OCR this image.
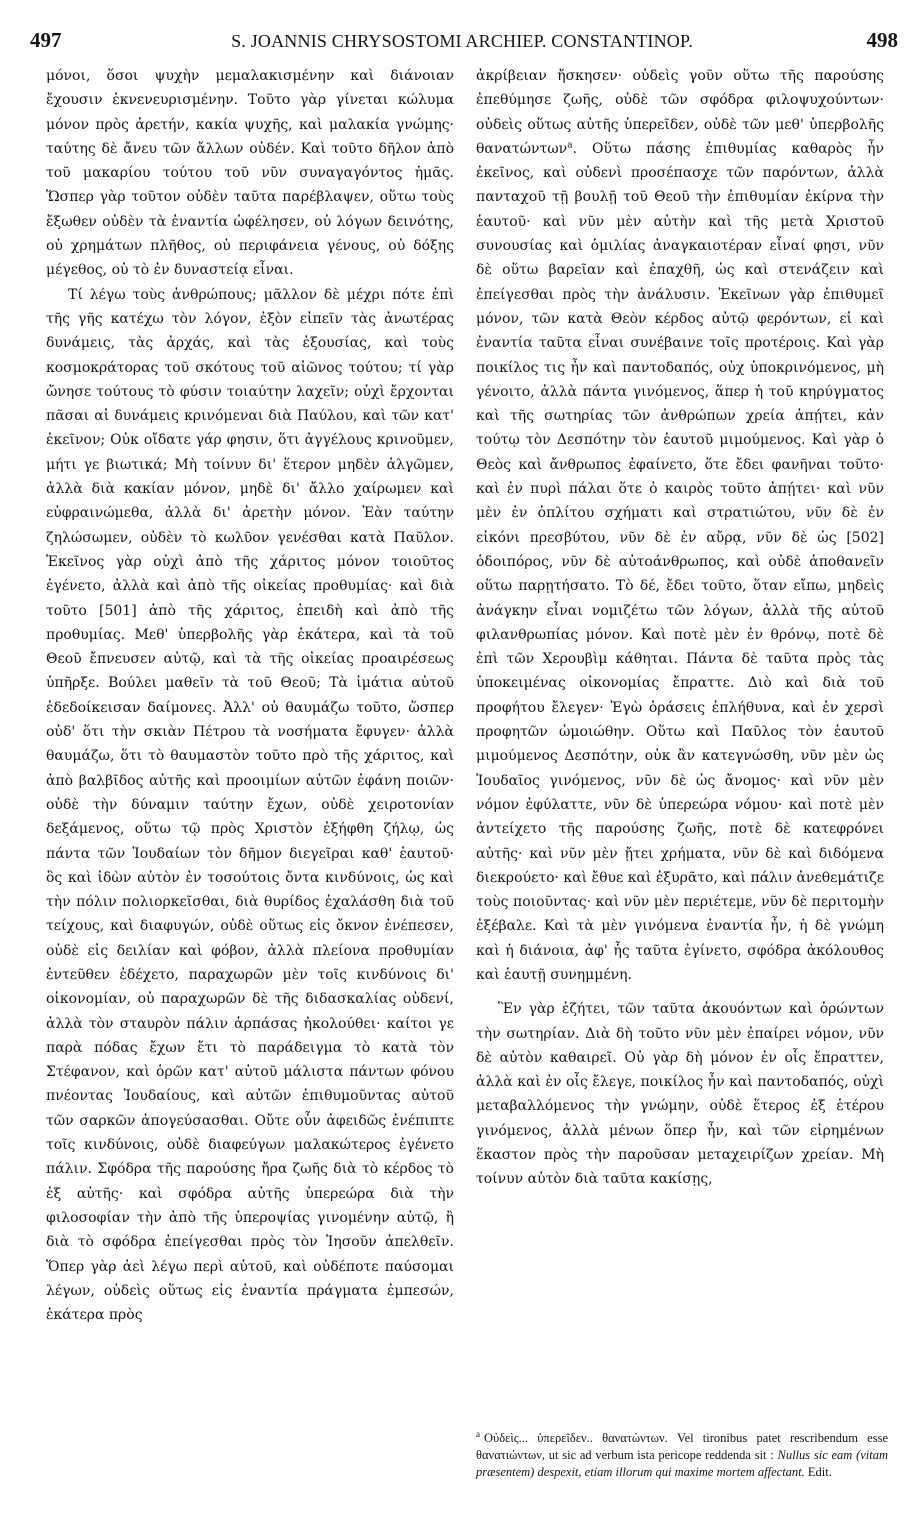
497	S. JOANNIS CHRYSOSTOMI ARCHIEP. CONSTANTINOP.	498

μόνοι, ὅσοι ψυχὴν μεμαλακισμένην καὶ διάνοιαν ἔχουσιν ἐκνενευρισμένην. Τοῦτο γὰρ γίνεται κώλυμα μόνον πρὸς ἀρετήν, κακία ψυχῆς, καὶ μαλακία γνώμης· ταύτης δὲ ἄνευ τῶν ἄλλων οὐδέν. Καὶ τοῦτο δῆλον ἀπὸ τοῦ μακαρίου τούτου τοῦ νῦν συναγαγόντος ἡμᾶς. Ὥσπερ γὰρ τοῦτον οὐδὲν ταῦτα παρέβλαψεν, οὕτω τοὺς ἔξωθεν οὐδὲν τὰ ἐναντία ὠφέλησεν, οὐ λόγων δεινότης, οὐ χρημάτων πλῆθος, οὐ περιφάνεια γένους, οὐ δόξης μέγεθος, οὐ τὸ ἐν δυναστείᾳ εἶναι.

Τί λέγω τοὺς ἀνθρώπους; μᾶλλον δὲ μέχρι πότε ἐπὶ τῆς γῆς κατέχω τὸν λόγον, ἐξὸν εἰπεῖν τὰς ἀνωτέρας δυνάμεις, τὰς ἀρχάς, καὶ τὰς ἐξουσίας, καὶ τοὺς κοσμοκράτορας τοῦ σκότους τοῦ αἰῶνος τούτου; τί γὰρ ὤνησε τούτους τὸ φύσιν τοιαύτην λαχεῖν; οὐχὶ ἔρχονται πᾶσαι αἱ δυνάμεις κρινόμεναι διὰ Παύλου, καὶ τῶν κατ' ἐκεῖνον; Οὐκ οἴδατε γάρ φησιν, ὅτι ἀγγέλους κρινοῦμεν, μήτι γε βιωτικά; Μὴ τοίνυν δι' ἕτερον μηδὲν ἀλγῶμεν, ἀλλὰ διὰ κακίαν μόνον, μηδὲ δι' ἄλλο χαίρωμεν καὶ εὐφραινώμεθα, ἀλλὰ δι' ἀρετὴν μόνον. Ἐὰν ταύτην ζηλώσωμεν, οὐδὲν τὸ κωλῦον γενέσθαι κατὰ Παῦλον. Ἐκεῖνος γὰρ οὐχὶ ἀπὸ τῆς χάριτος μόνον τοιοῦτος ἐγένετο, ἀλλὰ καὶ ἀπὸ τῆς οἰκείας προθυμίας· καὶ διὰ τοῦτο [501] ἀπὸ τῆς χάριτος, ἐπειδὴ καὶ ἀπὸ τῆς προθυμίας. Μεθ' ὑπερβολῆς γὰρ ἑκάτερα, καὶ τὰ τοῦ Θεοῦ ἔπνευσεν αὐτῷ, καὶ τὰ τῆς οἰκείας προαιρέσεως ὑπῆρξε. Βούλει μαθεῖν τὰ τοῦ Θεοῦ; Τὰ ἱμάτια αὐτοῦ ἐδεδοίκεισαν δαίμονες. Ἀλλ' οὐ θαυμάζω τοῦτο, ὥσπερ οὐδ' ὅτι τὴν σκιὰν Πέτρου τὰ νοσήματα ἔφυγεν· ἀλλὰ θαυμάζω, ὅτι τὸ θαυμαστὸν τοῦτο πρὸ τῆς χάριτος, καὶ ἀπὸ βαλβῖδος αὐτῆς καὶ προοιμίων αὐτῶν ἐφάνη ποιῶν· οὐδὲ τὴν δύναμιν ταύτην ἔχων, οὐδὲ χειροτονίαν δεξάμενος, οὕτω τῷ πρὸς Χριστὸν ἐξήφθη ζήλῳ, ὡς πάντα τῶν Ἰουδαίων τὸν δῆμον διεγεῖραι καθ' ἑαυτοῦ· ὃς καὶ ἰδὼν αὐτὸν ἐν τοσούτοις ὄντα κινδύνοις, ὡς καὶ τὴν πόλιν πολιορκεῖσθαι, διὰ θυρίδος ἐχαλάσθη διὰ τοῦ τείχους, καὶ διαφυγών, οὐδὲ οὕτως εἰς ὄκνον ἐνέπεσεν, οὐδὲ εἰς δειλίαν καὶ φόβον, ἀλλὰ πλείονα προθυμίαν ἐντεῦθεν ἐδέχετο, παραχωρῶν μὲν τοῖς κινδύνοις δι' οἰκονομίαν, οὐ παραχωρῶν δὲ τῆς διδασκαλίας οὐδενί, ἀλλὰ τὸν σταυρὸν πάλιν ἁρπάσας ἠκολούθει· καίτοι γε παρὰ πόδας ἔχων ἔτι τὸ παράδειγμα τὸ κατὰ τὸν Στέφανον, καὶ ὁρῶν κατ' αὐτοῦ μάλιστα πάντων φόνου πνέοντας Ἰουδαίους, καὶ αὐτῶν ἐπιθυμοῦντας αὐτοῦ τῶν σαρκῶν ἀπογεύσασθαι. Οὔτε οὖν ἀφειδῶς ἐνέπιπτε τοῖς κινδύνοις, οὐδὲ διαφεύγων μαλακώτερος ἐγένετο πάλιν. Σφόδρα τῆς παρούσης ἤρα ζωῆς διὰ τὸ κέρδος τὸ ἐξ αὐτῆς· καὶ σφόδρα αὐτῆς ὑπερεώρα διὰ τὴν φιλοσοφίαν τὴν ἀπὸ τῆς ὑπεροψίας γινομένην αὐτῷ, ἢ διὰ τὸ σφόδρα ἐπείγεσθαι πρὸς τὸν Ἰησοῦν ἀπελθεῖν. Ὅπερ γὰρ ἀεὶ λέγω περὶ αὐτοῦ, καὶ οὐδέποτε παύσομαι λέγων, οὐδεὶς οὕτως εἰς ἐναντία πράγματα ἐμπεσών, ἑκάτερα πρὸς

ἀκρίβειαν ἤσκησεν· οὐδεὶς γοῦν οὕτω τῆς παρούσης ἐπεθύμησε ζωῆς, οὐδὲ τῶν σφόδρα φιλοψυχούντων· οὐδεὶς οὕτως αὐτῆς ὑπερεῖδεν, οὐδὲ τῶν μεθ' ὑπερβολῆς θανατώντων$^a$. Οὕτω πάσης ἐπιθυμίας καθαρὸς ἦν ἐκεῖνος, καὶ οὐδενὶ προσέπασχε τῶν παρόντων, ἀλλὰ πανταχοῦ τῇ βουλῇ τοῦ Θεοῦ τὴν ἐπιθυμίαν ἐκίρνα τὴν ἑαυτοῦ· καὶ νῦν μὲν αὐτὴν καὶ τῆς μετὰ Χριστοῦ συνουσίας καὶ ὁμιλίας ἀναγκαιοτέραν εἶναί φησι, νῦν δὲ οὕτω βαρεῖαν καὶ ἐπαχθῆ, ὡς καὶ στενάζειν καὶ ἐπείγεσθαι πρὸς τὴν ἀνάλυσιν. Ἐκεῖνων γὰρ ἐπιθυμεῖ μόνον, τῶν κατὰ Θεὸν κέρδος αὐτῷ φερόντων, εἰ καὶ ἐναντία ταῦτα εἶναι συνέβαινε τοῖς προτέροις. Καὶ γὰρ ποικίλος τις ἦν καὶ παντοδαπός, οὐχ ὑποκρινόμενος, μὴ γένοιτο, ἀλλὰ πάντα γινόμενος, ἅπερ ἡ τοῦ κηρύγματος καὶ τῆς σωτηρίας τῶν ἀνθρώπων χρεία ἀπῄτει, κἀν τούτῳ τὸν Δεσπότην τὸν ἑαυτοῦ μιμούμενος. Καὶ γὰρ ὁ Θεὸς καὶ ἄνθρωπος ἐφαίνετο, ὅτε ἔδει φανῆναι τοῦτο· καὶ ἐν πυρὶ πάλαι ὅτε ὁ καιρὸς τοῦτο ἀπῄτει· καὶ νῦν μὲν ἐν ὁπλίτου σχήματι καὶ στρατιώτου, νῦν δὲ ἐν εἰκόνι πρεσβύτου, νῦν δὲ ἐν αὔρᾳ, νῦν δὲ ὡς [502] ὁδοιπόρος, νῦν δὲ αὐτοάνθρωπος, καὶ οὐδὲ ἀποθανεῖν οὕτω παρῃτήσατο. Τὸ δέ, ἔδει τοῦτο, ὅταν εἴπω, μηδεὶς ἀνάγκην εἶναι νομιζέτω τῶν λόγων, ἀλλὰ τῆς αὐτοῦ φιλανθρωπίας μόνον. Καὶ ποτὲ μὲν ἐν θρόνῳ, ποτὲ δὲ ἐπὶ τῶν Χερουβὶμ κάθηται. Πάντα δὲ ταῦτα πρὸς τὰς ὑποκειμένας οἰκονομίας ἔπραττε. Διὸ καὶ διὰ τοῦ προφήτου ἔλεγεν· Ἐγὼ ὁράσεις ἐπλήθυνα, καὶ ἐν χερσὶ προφητῶν ὡμοιώθην. Οὕτω καὶ Παῦλος τὸν ἑαυτοῦ μιμούμενος Δεσπότην, οὐκ ἂν κατεγνώσθη, νῦν μὲν ὡς Ἰουδαῖος γινόμενος, νῦν δὲ ὡς ἄνομος· καὶ νῦν μὲν νόμον ἐφύλαττε, νῦν δὲ ὑπερεώρα νόμου· καὶ ποτὲ μὲν ἀντείχετο τῆς παρούσης ζωῆς, ποτὲ δὲ κατεφρόνει αὐτῆς· καὶ νῦν μὲν ᾔτει χρήματα, νῦν δὲ καὶ διδόμενα διεκρούετο· καὶ ἔθυε καὶ ἐξυρᾶτο, καὶ πάλιν ἀνεθεμάτιζε τοὺς ποιοῦντας· καὶ νῦν μὲν περιέτεμε, νῦν δὲ περιτομὴν ἐξέβαλε. Καὶ τὰ μὲν γινόμενα ἐναντία ἦν, ἡ δὲ γνώμη καὶ ἡ διάνοια, ἀφ' ἧς ταῦτα ἐγίνετο, σφόδρα ἀκόλουθος καὶ ἑαυτῇ συνημμένη.

Ἓν γὰρ ἐζήτει, τῶν ταῦτα ἀκουόντων καὶ ὁρώντων τὴν σωτηρίαν. Διὰ δὴ τοῦτο νῦν μὲν ἐπαίρει νόμον, νῦν δὲ αὐτὸν καθαιρεῖ. Οὐ γὰρ δὴ μόνον ἐν οἷς ἔπραττεν, ἀλλὰ καὶ ἐν οἷς ἔλεγε, ποικίλος ἦν καὶ παντοδαπός, οὐχὶ μεταβαλλόμενος τὴν γνώμην, οὐδὲ ἕτερος ἐξ ἑτέρου γινόμενος, ἀλλὰ μένων ὅπερ ἦν, καὶ τῶν εἰρημένων ἕκαστον πρὸς τὴν παροῦσαν μεταχειρίζων χρείαν. Μὴ τοίνυν αὐτὸν διὰ ταῦτα κακίσῃς,

$^a$ Οὐδεὶς... ὑπερεῖδεν.. θανατώντων. Vel tironibus patet rescribendum esse θανατιώντων, ut sic ad verbum ista pericope reddenda sit : Nullus sic eam (vitam præsentem) despexit, etiam illorum qui maxime mortem affectant. Edit.
